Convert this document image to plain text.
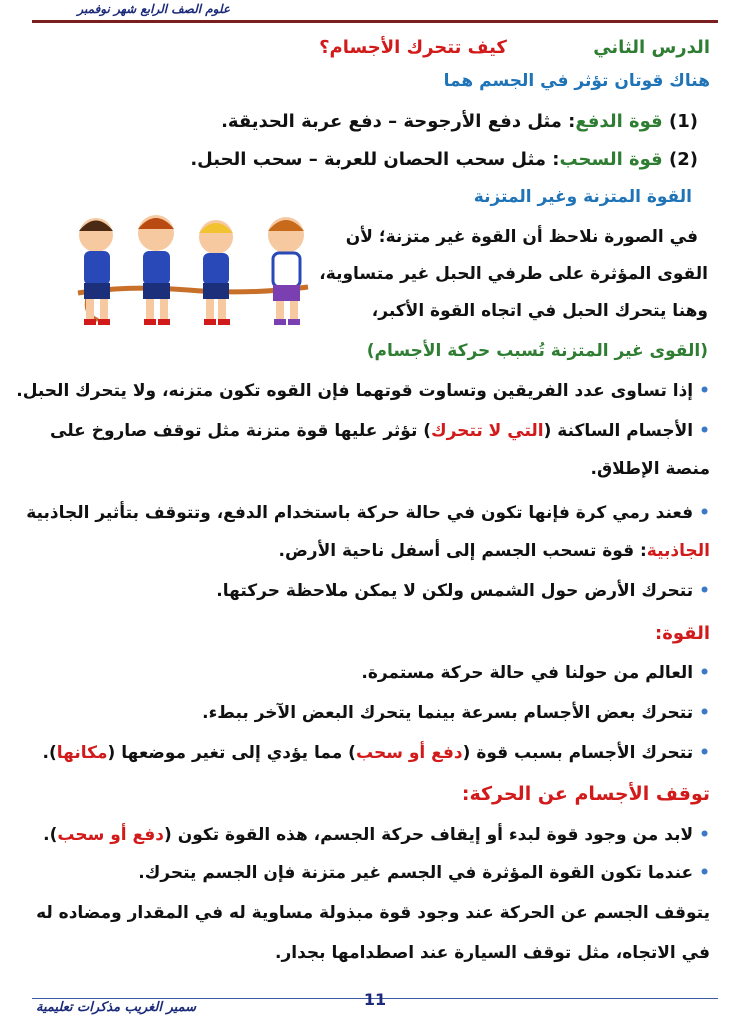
علوم الصف الرابع شهر نوفمبر
الدرس الثاني كيف تتحرك الأجسام؟
هناك قوتان تؤثر في الجسم هما
(1) قوة الدفع: مثل دفع الأرجوحة – دفع عربة الحديقة.
(2) قوة السحب: مثل سحب الحصان للعربة – سحب الحبل.
القوة المتزنة وغير المتزنة
في الصورة نلاحظ أن القوة غير متزنة؛ لأن
القوى المؤثرة على طرفي الحبل غير متساوية،
وهنا يتحرك الحبل في اتجاه القوة الأكبر،
(القوى غير المتزنة تُسبب حركة الأجسام)
•إذا تساوى عدد الفريقين وتساوت قوتهما فإن القوه تكون متزنه، ولا يتحرك الحبل.
•الأجسام الساكنة (التي لا تتحرك) تؤثر عليها قوة متزنة مثل توقف صاروخ على
منصة الإطلاق.
•فعند رمي كرة فإنها تكون في حالة حركة باستخدام الدفع، وتتوقف بتأثير الجاذبية
الجاذبية: قوة تسحب الجسم إلى أسفل ناحية الأرض.
•تتحرك الأرض حول الشمس ولكن لا يمكن ملاحظة حركتها.
القوة:
•العالم من حولنا في حالة حركة مستمرة.
•تتحرك بعض الأجسام بسرعة بينما يتحرك البعض الآخر ببطء.
•تتحرك الأجسام بسبب قوة (دفع أو سحب) مما يؤدي إلى تغير موضعها (مكانها).
توقف الأجسام عن الحركة:
•لابد من وجود قوة لبدء أو إيقاف حركة الجسم، هذه القوة تكون (دفع أو سحب).
•عندما تكون القوة المؤثرة في الجسم غير متزنة فإن الجسم يتحرك.
يتوقف الجسم عن الحركة عند وجود قوة مبذولة مساوية له في المقدار ومضاده له
في الاتجاه، مثل توقف السيارة عند اصطدامها بجدار.
11
سمير الغريب مذكرات تعليمية
